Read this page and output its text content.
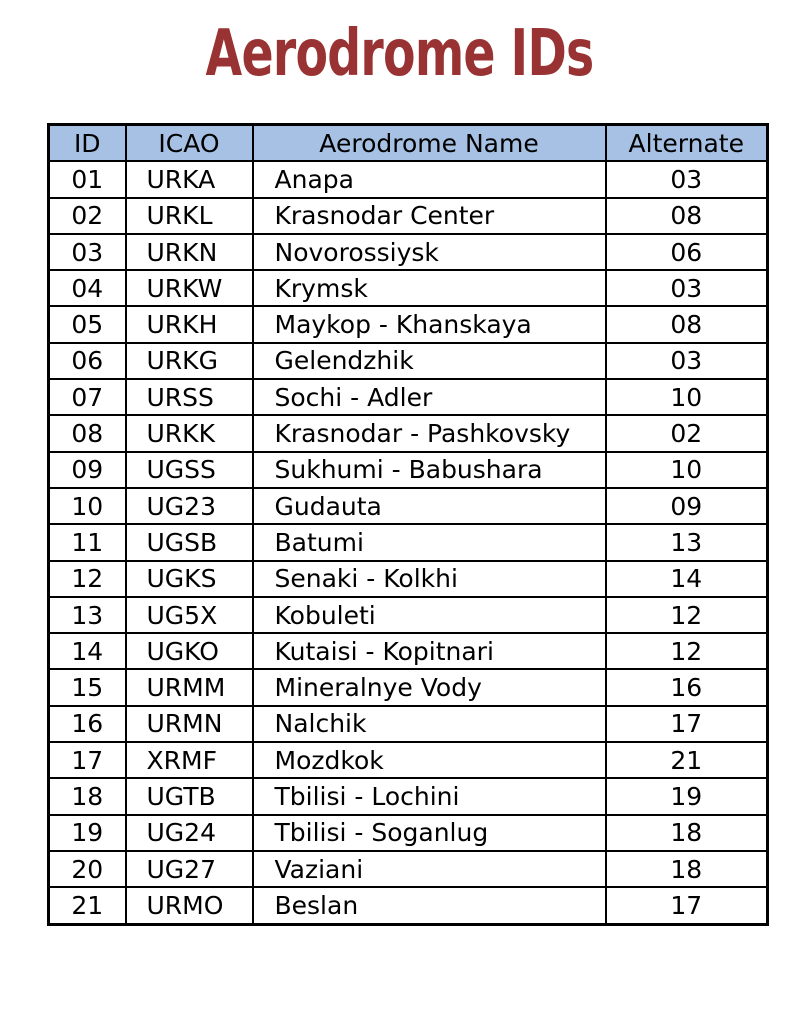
Aerodrome IDs
ID	ICAO	Aerodrome Name	Alternate
01	URKA	Anapa	03
02	URKL	Krasnodar Center	08
03	URKN	Novorossiysk	06
04	URKW	Krymsk	03
05	URKH	Maykop - Khanskaya	08
06	URKG	Gelendzhik	03
07	URSS	Sochi - Adler	10
08	URKK	Krasnodar - Pashkovsky	02
09	UGSS	Sukhumi - Babushara	10
10	UG23	Gudauta	09
11	UGSB	Batumi	13
12	UGKS	Senaki - Kolkhi	14
13	UG5X	Kobuleti	12
14	UGKO	Kutaisi - Kopitnari	12
15	URMM	Mineralnye Vody	16
16	URMN	Nalchik	17
17	XRMF	Mozdkok	21
18	UGTB	Tbilisi - Lochini	19
19	UG24	Tbilisi - Soganlug	18
20	UG27	Vaziani	18
21	URMO	Beslan	17
